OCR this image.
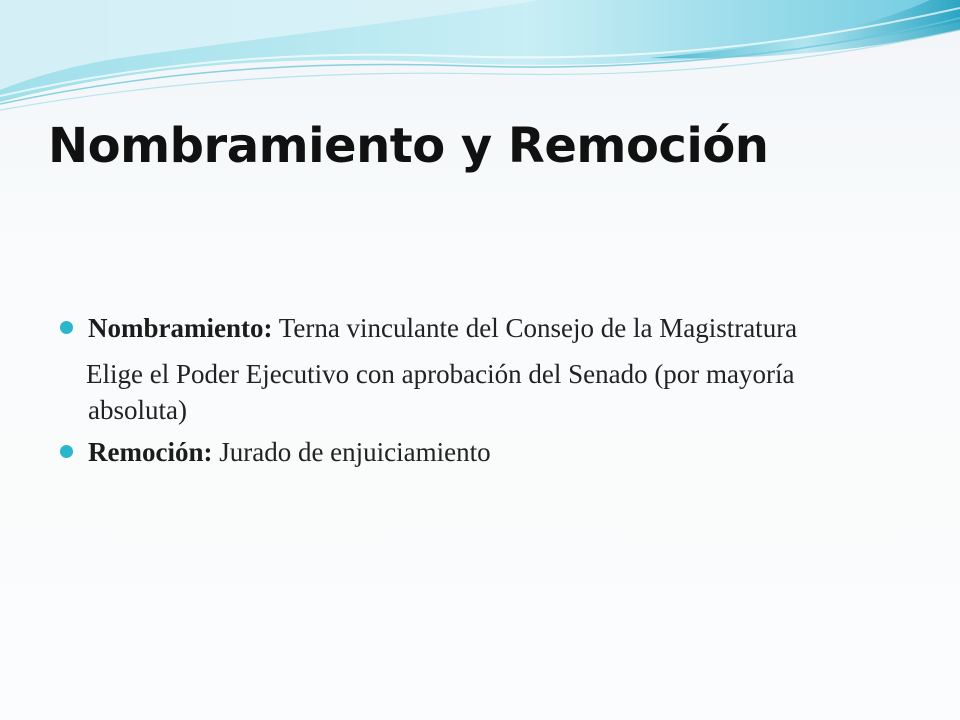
Nombramiento y Remoción
Nombramiento: Terna vinculante del Consejo de la Magistratura
Elige el Poder Ejecutivo con aprobación del Senado (por mayoría absoluta)
Remoción: Jurado de enjuiciamiento
